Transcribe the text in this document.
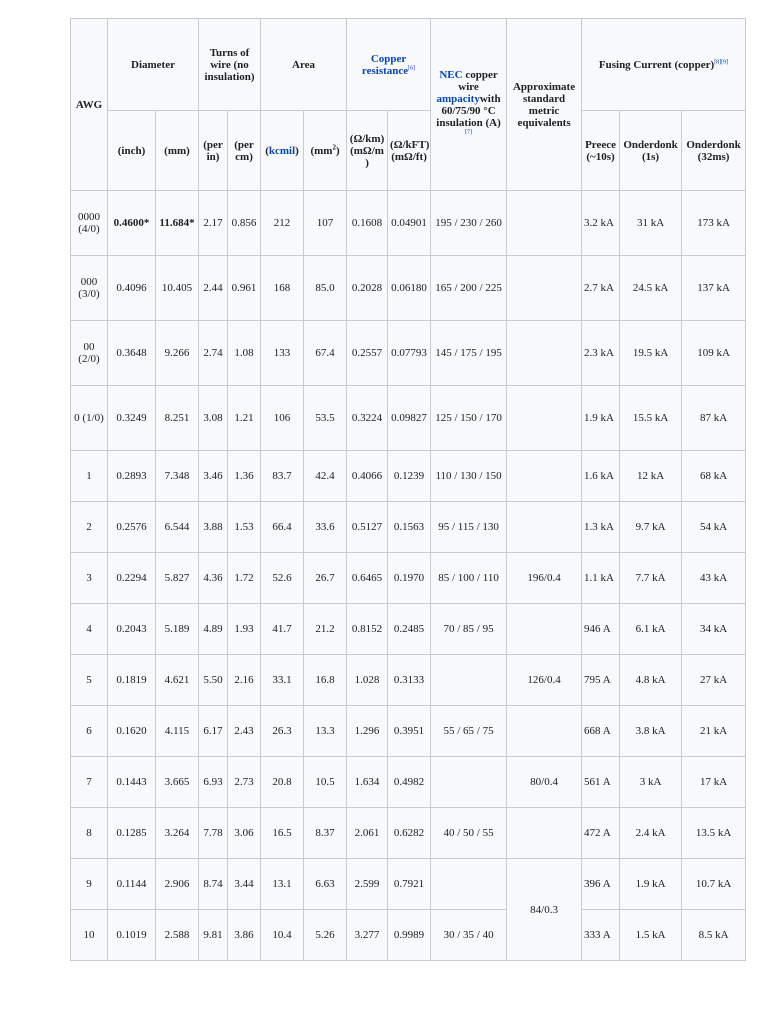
AWG	Diameter		Turns of wire (no insulation)		Area		Copper resistance[6]		NEC copper wire ampacitywith 60/75/90 °C insulation (A)[7]	Approximate standard metric equivalents	Fusing Current (copper)[8][9]
	(inch)	(mm)	(per in)	(per cm)	(kcmil)	$(mm^2)$	(Ω/km) (mΩ/m )	(Ω/kFT) (mΩ/ft)			Preece (~10s)	Onderdonk (1s)	Onderdonk (32ms)
0000 (4/0)	0.4600*	11.684*	2.17	0.856	212	107	0.1608	0.04901	195 / 230 / 260		3.2 kA	31 kA	173 kA
000 (3/0)	0.4096	10.405	2.44	0.961	168	85.0	0.2028	0.06180	165 / 200 / 225		2.7 kA	24.5 kA	137 kA
00 (2/0)	0.3648	9.266	2.74	1.08	133	67.4	0.2557	0.07793	145 / 175 / 195		2.3 kA	19.5 kA	109 kA
0 (1/0)	0.3249	8.251	3.08	1.21	106	53.5	0.3224	0.09827	125 / 150 / 170		1.9 kA	15.5 kA	87 kA
1	0.2893	7.348	3.46	1.36	83.7	42.4	0.4066	0.1239	110 / 130 / 150		1.6 kA	12 kA	68 kA
2	0.2576	6.544	3.88	1.53	66.4	33.6	0.5127	0.1563	95 / 115 / 130		1.3 kA	9.7 kA	54 kA
3	0.2294	5.827	4.36	1.72	52.6	26.7	0.6465	0.1970	85 / 100 / 110	196/0.4	1.1 kA	7.7 kA	43 kA
4	0.2043	5.189	4.89	1.93	41.7	21.2	0.8152	0.2485	70 / 85 / 95		946 A	6.1 kA	34 kA
5	0.1819	4.621	5.50	2.16	33.1	16.8	1.028	0.3133		126/0.4	795 A	4.8 kA	27 kA
6	0.1620	4.115	6.17	2.43	26.3	13.3	1.296	0.3951	55 / 65 / 75		668 A	3.8 kA	21 kA
7	0.1443	3.665	6.93	2.73	20.8	10.5	1.634	0.4982		80/0.4	561 A	3 kA	17 kA
8	0.1285	3.264	7.78	3.06	16.5	8.37	2.061	0.6282	40 / 50 / 55		472 A	2.4 kA	13.5 kA
9	0.1144	2.906	8.74	3.44	13.1	6.63	2.599	0.7921		84/0.3	396 A	1.9 kA	10.7 kA
10	0.1019	2.588	9.81	3.86	10.4	5.26	3.277	0.9989	30 / 35 / 40		333 A	1.5 kA	8.5 kA
